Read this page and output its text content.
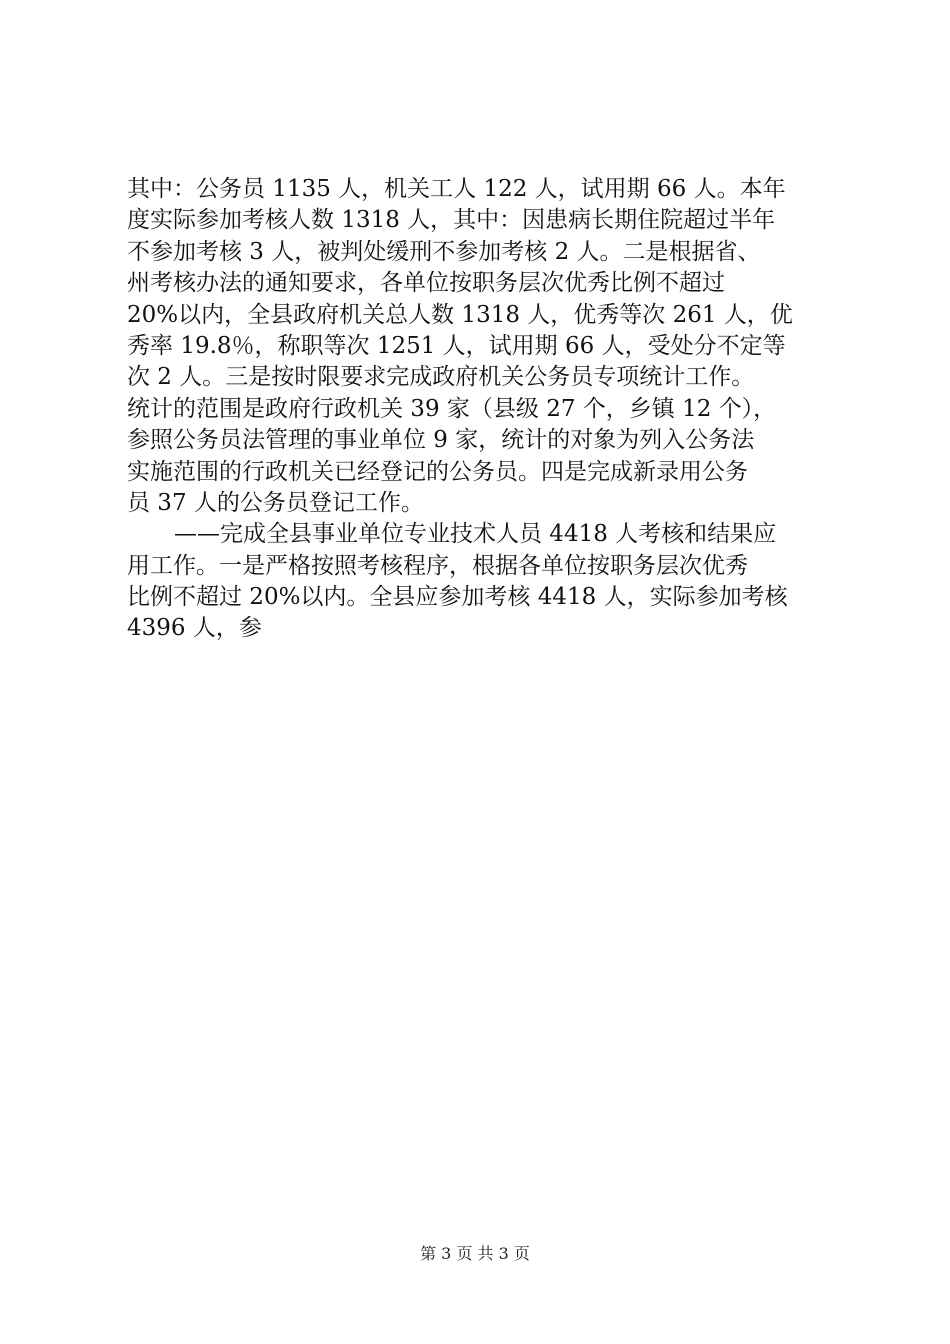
其中：公务员 1135 人，机关工人 122 人，试用期 66 人。本年
度实际参加考核人数 1318 人，其中：因患病长期住院超过半年
不参加考核 3 人，被判处缓刑不参加考核 2 人。二是根据省、
州考核办法的通知要求，各单位按职务层次优秀比例不超过
20%以内，全县政府机关总人数 1318 人，优秀等次 261 人，优
秀率 19.8％，称职等次 1251 人，试用期 66 人，受处分不定等
次 2 人。三是按时限要求完成政府机关公务员专项统计工作。
统计的范围是政府行政机关 39 家（县级 27 个，乡镇 12 个），
参照公务员法管理的事业单位 9 家，统计的对象为列入公务法
实施范围的行政机关已经登记的公务员。四是完成新录用公务
员 37 人的公务员登记工作。
——完成全县事业单位专业技术人员 4418 人考核和结果应
用工作。一是严格按照考核程序，根据各单位按职务层次优秀
比例不超过 20%以内。全县应参加考核 4418 人，实际参加考核
4396 人，参
第 3 页 共 3 页
